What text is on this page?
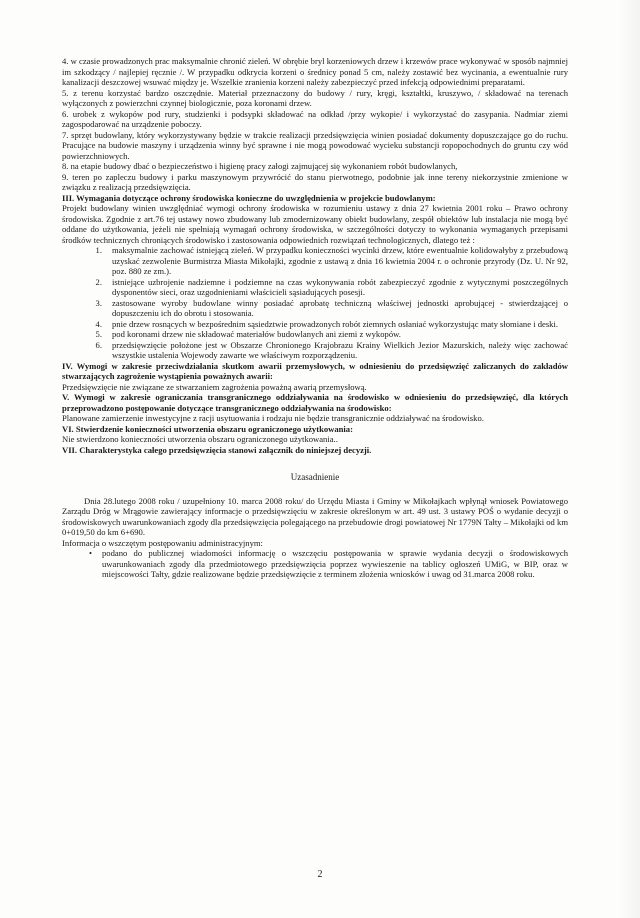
4. w czasie prowadzonych prac maksymalnie chronić zieleń. W obrębie bryl korzeniowych drzew i krzewów prace wykonywać w sposób najmniej im szkodzący / najlepiej ręcznie /. W przypadku odkrycia korzeni o średnicy ponad 5 cm, należy zostawić bez wycinania, a ewentualnie rury kanalizacji deszczowej wsuwać między je. Wszelkie zranienia korzeni należy zabezpieczyć przed infekcją odpowiednimi preparatami.

5. z terenu korzystać bardzo oszczędnie. Materiał przeznaczony do budowy / rury, kręgi, kształtki, kruszywo, / składować na terenach wyłączonych z powierzchni czynnej biologicznie, poza koronami drzew.

6. urobek z wykopów pod rury, studzienki i podsypki składować na odkład /przy wykopie/ i wykorzystać do zasypania. Nadmiar ziemi zagospodarować na urządzenie poboczy.

7. sprzęt budowlany, który wykorzystywany będzie w trakcie realizacji przedsięwzięcia winien posiadać dokumenty dopuszczające go do ruchu. Pracujące na budowie maszyny i urządzenia winny być sprawne i nie mogą powodować wycieku substancji ropopochodnych do gruntu czy wód powierzchniowych.

8. na etapie budowy dbać o bezpieczeństwo i higienę pracy załogi zajmującej się wykonaniem robót budowlanych,

9. teren po zapleczu budowy i parku maszynowym przywrócić do stanu pierwotnego, podobnie jak inne tereny niekorzystnie zmienione w związku z realizacją przedsięwzięcia.

III. Wymagania dotyczące ochrony środowiska konieczne do uwzględnienia w projekcie budowlanym:

Projekt budowlany winien uwzględniać wymogi ochrony środowiska w rozumieniu ustawy z dnia 27 kwietnia 2001 roku – Prawo ochrony środowiska. Zgodnie z art.76 tej ustawy nowo zbudowany lub zmodernizowany obiekt budowlany, zespół obiektów lub instalacja nie mogą być oddane do użytkowania, jeżeli nie spełniają wymagań ochrony środowiska, w szczególności dotyczy to wykonania wymaganych przepisami środków technicznych chroniących środowisko i zastosowania odpowiednich rozwiązań technologicznych, dlatego też :

1.	maksymalnie zachować istniejącą zieleń. W przypadku konieczności wycinki drzew, które ewentualnie kolidowałyby z przebudową uzyskać zezwolenie Burmistrza Miasta Mikołajki, zgodnie z ustawą z dnia 16 kwietnia 2004 r. o ochronie przyrody (Dz. U. Nr 92, poz. 880 ze zm.).
2.	istniejące uzbrojenie nadziemne i podziemne na czas wykonywania robót zabezpieczyć zgodnie z wytycznymi poszczególnych dysponentów sieci, oraz uzgodnieniami właścicieli sąsiadujących posesji.
3.	zastosowane wyroby budowlane winny posiadać aprobatę techniczną właściwej jednostki aprobującej - stwierdzającej o dopuszczeniu ich do obrotu i stosowania.
4.	pnie drzew rosnących w bezpośrednim sąsiedztwie prowadzonych robót ziemnych osłaniać wykorzystując maty słomiane i deski.
5.	pod koronami drzew nie składować materiałów budowlanych ani ziemi z wykopów.
6.	przedsięwzięcie położone jest w Obszarze Chronionego Krajobrazu Krainy Wielkich Jezior Mazurskich, należy więc zachować wszystkie ustalenia Wojewody zawarte we właściwym rozporządzeniu.

IV. Wymogi w zakresie przeciwdziałania skutkom awarii przemysłowych, w odniesieniu do przedsięwzięć zaliczanych do zakładów stwarzających zagrożenie wystąpienia poważnych awarii:

Przedsięwzięcie nie związane ze stwarzaniem zagrożenia poważną awarią przemysłową.

V. Wymogi w zakresie ograniczania transgranicznego oddziaływania na środowisko w odniesieniu do przedsięwzięć, dla których przeprowadzono postępowanie dotyczące transgranicznego oddziaływania na środowisko:

Planowane zamierzenie inwestycyjne z racji usytuowania i rodzaju nie będzie transgranicznie oddziaływać na środowisko.

VI. Stwierdzenie konieczności utworzenia obszaru ograniczonego użytkowania:

Nie stwierdzono konieczności utworzenia obszaru ograniczonego użytkowania..

VII. Charakterystyka całego przedsięwzięcia stanowi załącznik do niniejszej decyzji.

Uzasadnienie

Dnia 28.lutego 2008 roku / uzupełniony 10. marca 2008 roku/ do Urzędu Miasta i Gminy w Mikołajkach wpłynął wniosek Powiatowego Zarządu Dróg w Mrągowie zawierający informacje o przedsięwzięciu w zakresie określonym w art. 49 ust. 3 ustawy POŚ o wydanie decyzji o środowiskowych uwarunkowaniach zgody dla przedsięwzięcia polegającego na przebudowie drogi powiatowej Nr 1779N Tałty – Mikołajki od km 0+019,50 do km 6+690.

Informacja o wszczętym postępowaniu administracyjnym:

•	podano do publicznej wiadomości informację o wszczęciu postępowania w sprawie wydania decyzji o środowiskowych uwarunkowaniach zgody dla przedmiotowego przedsięwzięcia poprzez wywieszenie na tablicy ogłoszeń UMiG, w BIP, oraz w miejscowości Tałty, gdzie realizowane będzie przedsięwzięcie z terminem złożenia wniosków i uwag od 31.marca 2008 roku.
2
